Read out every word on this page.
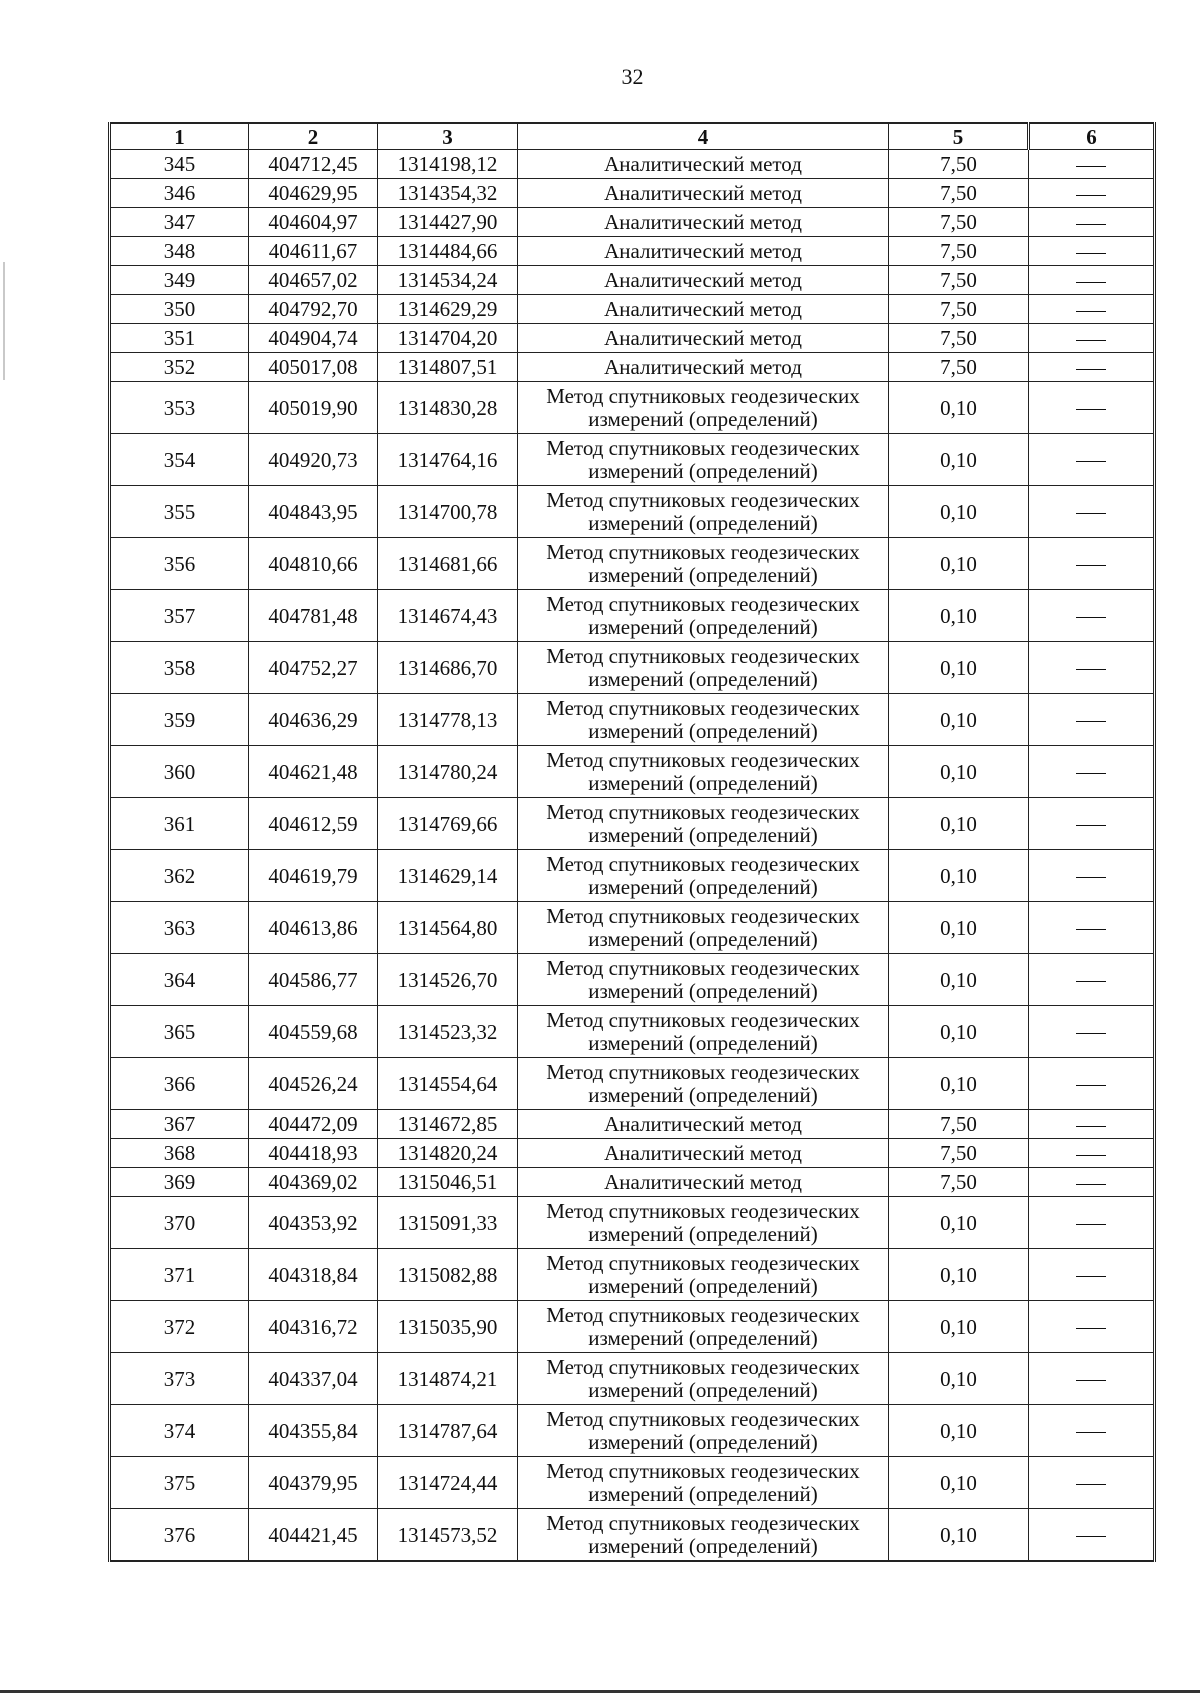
32
1	2	3	4	5	6
345	404712,45	1314198,12	Аналитический метод	7,50	
346	404629,95	1314354,32	Аналитический метод	7,50	
347	404604,97	1314427,90	Аналитический метод	7,50	
348	404611,67	1314484,66	Аналитический метод	7,50	
349	404657,02	1314534,24	Аналитический метод	7,50	
350	404792,70	1314629,29	Аналитический метод	7,50	
351	404904,74	1314704,20	Аналитический метод	7,50	
352	405017,08	1314807,51	Аналитический метод	7,50	
353	405019,90	1314830,28	Метод спутниковых геодезических
измерений (определений)	0,10	
354	404920,73	1314764,16	Метод спутниковых геодезических
измерений (определений)	0,10	
355	404843,95	1314700,78	Метод спутниковых геодезических
измерений (определений)	0,10	
356	404810,66	1314681,66	Метод спутниковых геодезических
измерений (определений)	0,10	
357	404781,48	1314674,43	Метод спутниковых геодезических
измерений (определений)	0,10	
358	404752,27	1314686,70	Метод спутниковых геодезических
измерений (определений)	0,10	
359	404636,29	1314778,13	Метод спутниковых геодезических
измерений (определений)	0,10	
360	404621,48	1314780,24	Метод спутниковых геодезических
измерений (определений)	0,10	
361	404612,59	1314769,66	Метод спутниковых геодезических
измерений (определений)	0,10	
362	404619,79	1314629,14	Метод спутниковых геодезических
измерений (определений)	0,10	
363	404613,86	1314564,80	Метод спутниковых геодезических
измерений (определений)	0,10	
364	404586,77	1314526,70	Метод спутниковых геодезических
измерений (определений)	0,10	
365	404559,68	1314523,32	Метод спутниковых геодезических
измерений (определений)	0,10	
366	404526,24	1314554,64	Метод спутниковых геодезических
измерений (определений)	0,10	
367	404472,09	1314672,85	Аналитический метод	7,50	
368	404418,93	1314820,24	Аналитический метод	7,50	
369	404369,02	1315046,51	Аналитический метод	7,50	
370	404353,92	1315091,33	Метод спутниковых геодезических
измерений (определений)	0,10	
371	404318,84	1315082,88	Метод спутниковых геодезических
измерений (определений)	0,10	
372	404316,72	1315035,90	Метод спутниковых геодезических
измерений (определений)	0,10	
373	404337,04	1314874,21	Метод спутниковых геодезических
измерений (определений)	0,10	
374	404355,84	1314787,64	Метод спутниковых геодезических
измерений (определений)	0,10	
375	404379,95	1314724,44	Метод спутниковых геодезических
измерений (определений)	0,10	
376	404421,45	1314573,52	Метод спутниковых геодезических
измерений (определений)	0,10	
